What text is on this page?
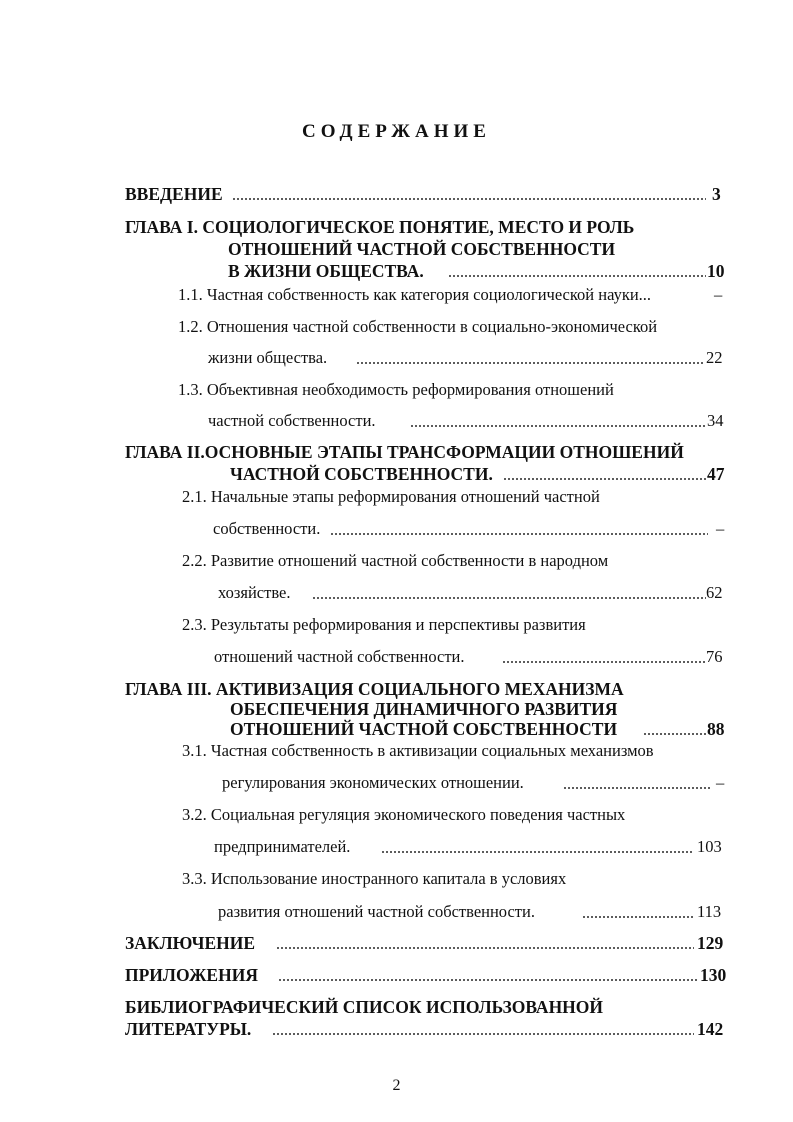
СОДЕРЖАНИЕ
ВВЕДЕНИЕ	3
ГЛАВА I. СОЦИОЛОГИЧЕСКОЕ ПОНЯТИЕ, МЕСТО И РОЛЬ
ОТНОШЕНИЙ ЧАСТНОЙ СОБСТВЕННОСТИ
В ЖИЗНИ ОБЩЕСТВА.	10
1.1. Частная собственность как категория социологической науки...	–
1.2. Отношения частной собственности в социально-экономической
жизни общества.	22
1.3. Объективная необходимость реформирования отношений
частной собственности.	34
ГЛАВА II.ОСНОВНЫЕ ЭТАПЫ ТРАНСФОРМАЦИИ ОТНОШЕНИЙ
ЧАСТНОЙ СОБСТВЕННОСТИ.	47
2.1. Начальные этапы реформирования отношений частной
собственности.	–
2.2. Развитие отношений частной собственности в народном
хозяйстве.	62
2.3. Результаты реформирования и перспективы развития
отношений частной собственности.	76
ГЛАВА III. АКТИВИЗАЦИЯ СОЦИАЛЬНОГО МЕХАНИЗМА
ОБЕСПЕЧЕНИЯ ДИНАМИЧНОГО РАЗВИТИЯ
ОТНОШЕНИЙ ЧАСТНОЙ СОБСТВЕННОСТИ	88
3.1. Частная собственность в активизации социальных механизмов
регулирования экономических отношении.	–
3.2. Социальная регуляция экономического поведения частных
предпринимателей.	103
3.3. Использование иностранного капитала в условиях
развития отношений частной собственности.	113
ЗАКЛЮЧЕНИЕ	129
ПРИЛОЖЕНИЯ	130
БИБЛИОГРАФИЧЕСКИЙ СПИСОК ИСПОЛЬЗОВАННОЙ
ЛИТЕРАТУРЫ.	142
2
